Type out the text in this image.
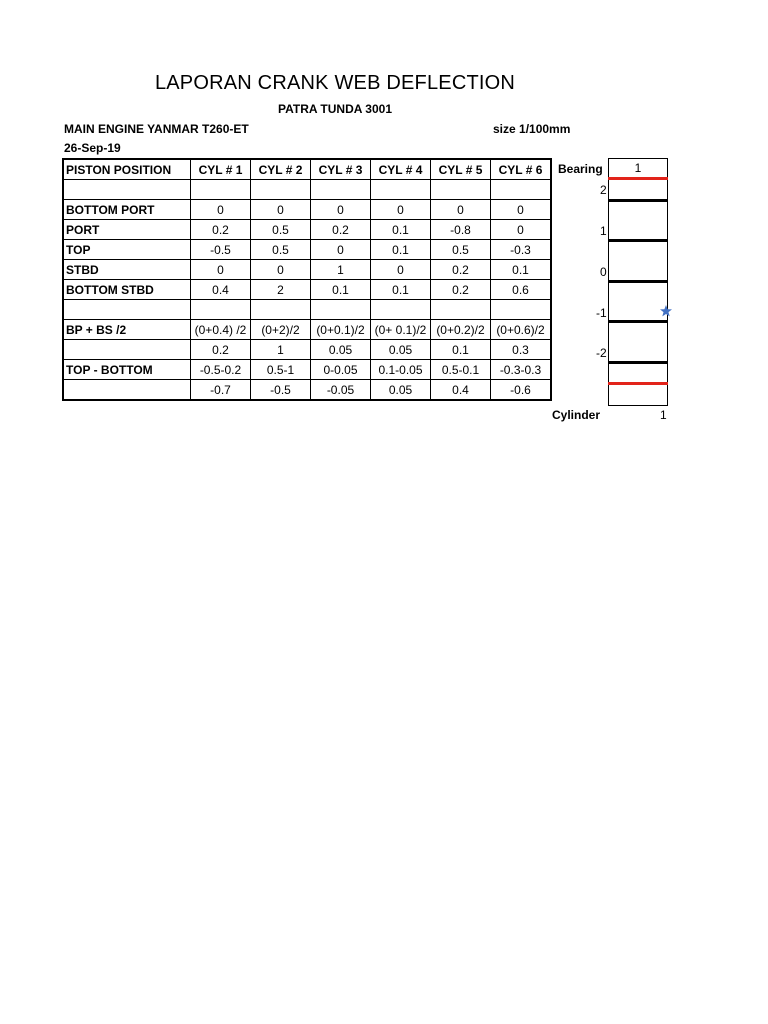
LAPORAN CRANK WEB DEFLECTION
PATRA TUNDA 3001
MAIN ENGINE YANMAR T260-ET	size 1/100mm
26-Sep-19
PISTON POSITION	CYL # 1	CYL # 2	CYL # 3	CYL # 4	CYL # 5	CYL # 6

BOTTOM PORT	0	0	0	0	0	0
PORT	0.2	0.5	0.2	0.1	-0.8	0
TOP	-0.5	0.5	0	0.1	0.5	-0.3
STBD	0	0	1	0	0.2	0.1
BOTTOM STBD	0.4	2	0.1	0.1	0.2	0.6

BP + BS /2	(0+0.4) /2	(0+2)/2	(0+0.1)/2	(0+ 0.1)/2	(0+0.2)/2	(0+0.6)/2
	0.2	1	0.05	0.05	0.1	0.3
TOP - BOTTOM	-0.5-0.2	0.5-1	0-0.05	0.1-0.05	0.5-0.1	-0.3-0.3
	-0.7	-0.5	-0.05	0.05	0.4	-0.6
Bearing	1
2
1
0
-1
-2
Cylinder	1
